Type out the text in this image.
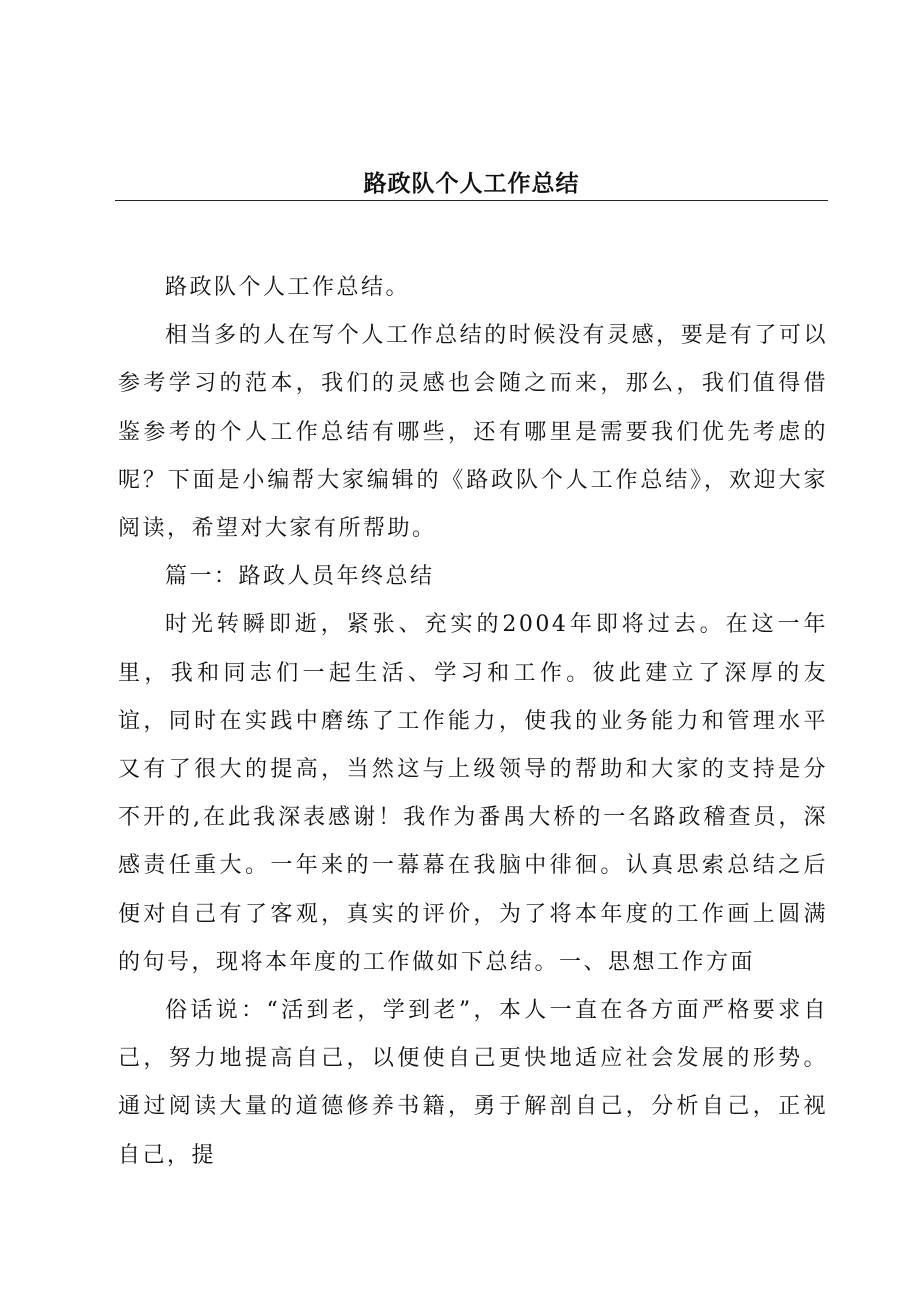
路政队个人工作总结

路政队个人工作总结。

相当多的人在写个人工作总结的时候没有灵感，要是有了可以参考学习的范本，我们的灵感也会随之而来，那么，我们值得借鉴参考的个人工作总结有哪些，还有哪里是需要我们优先考虑的呢？下面是小编帮大家编辑的《路政队个人工作总结》，欢迎大家阅读，希望对大家有所帮助。

篇一：路政人员年终总结

时光转瞬即逝，紧张、充实的2004年即将过去。在这一年里，我和同志们一起生活、学习和工作。彼此建立了深厚的友谊，同时在实践中磨练了工作能力，使我的业务能力和管理水平又有了很大的提高，当然这与上级领导的帮助和大家的支持是分不开的,在此我深表感谢！我作为番禺大桥的一名路政稽查员，深感责任重大。一年来的一幕幕在我脑中徘徊。认真思索总结之后便对自己有了客观，真实的评价，为了将本年度的工作画上圆满的句号，现将本年度的工作做如下总结。一、思想工作方面

俗话说：“活到老，学到老”，本人一直在各方面严格要求自己，努力地提高自己，以便使自己更快地适应社会发展的形势。通过阅读大量的道德修养书籍，勇于解剖自己，分析自己，正视自己，提
